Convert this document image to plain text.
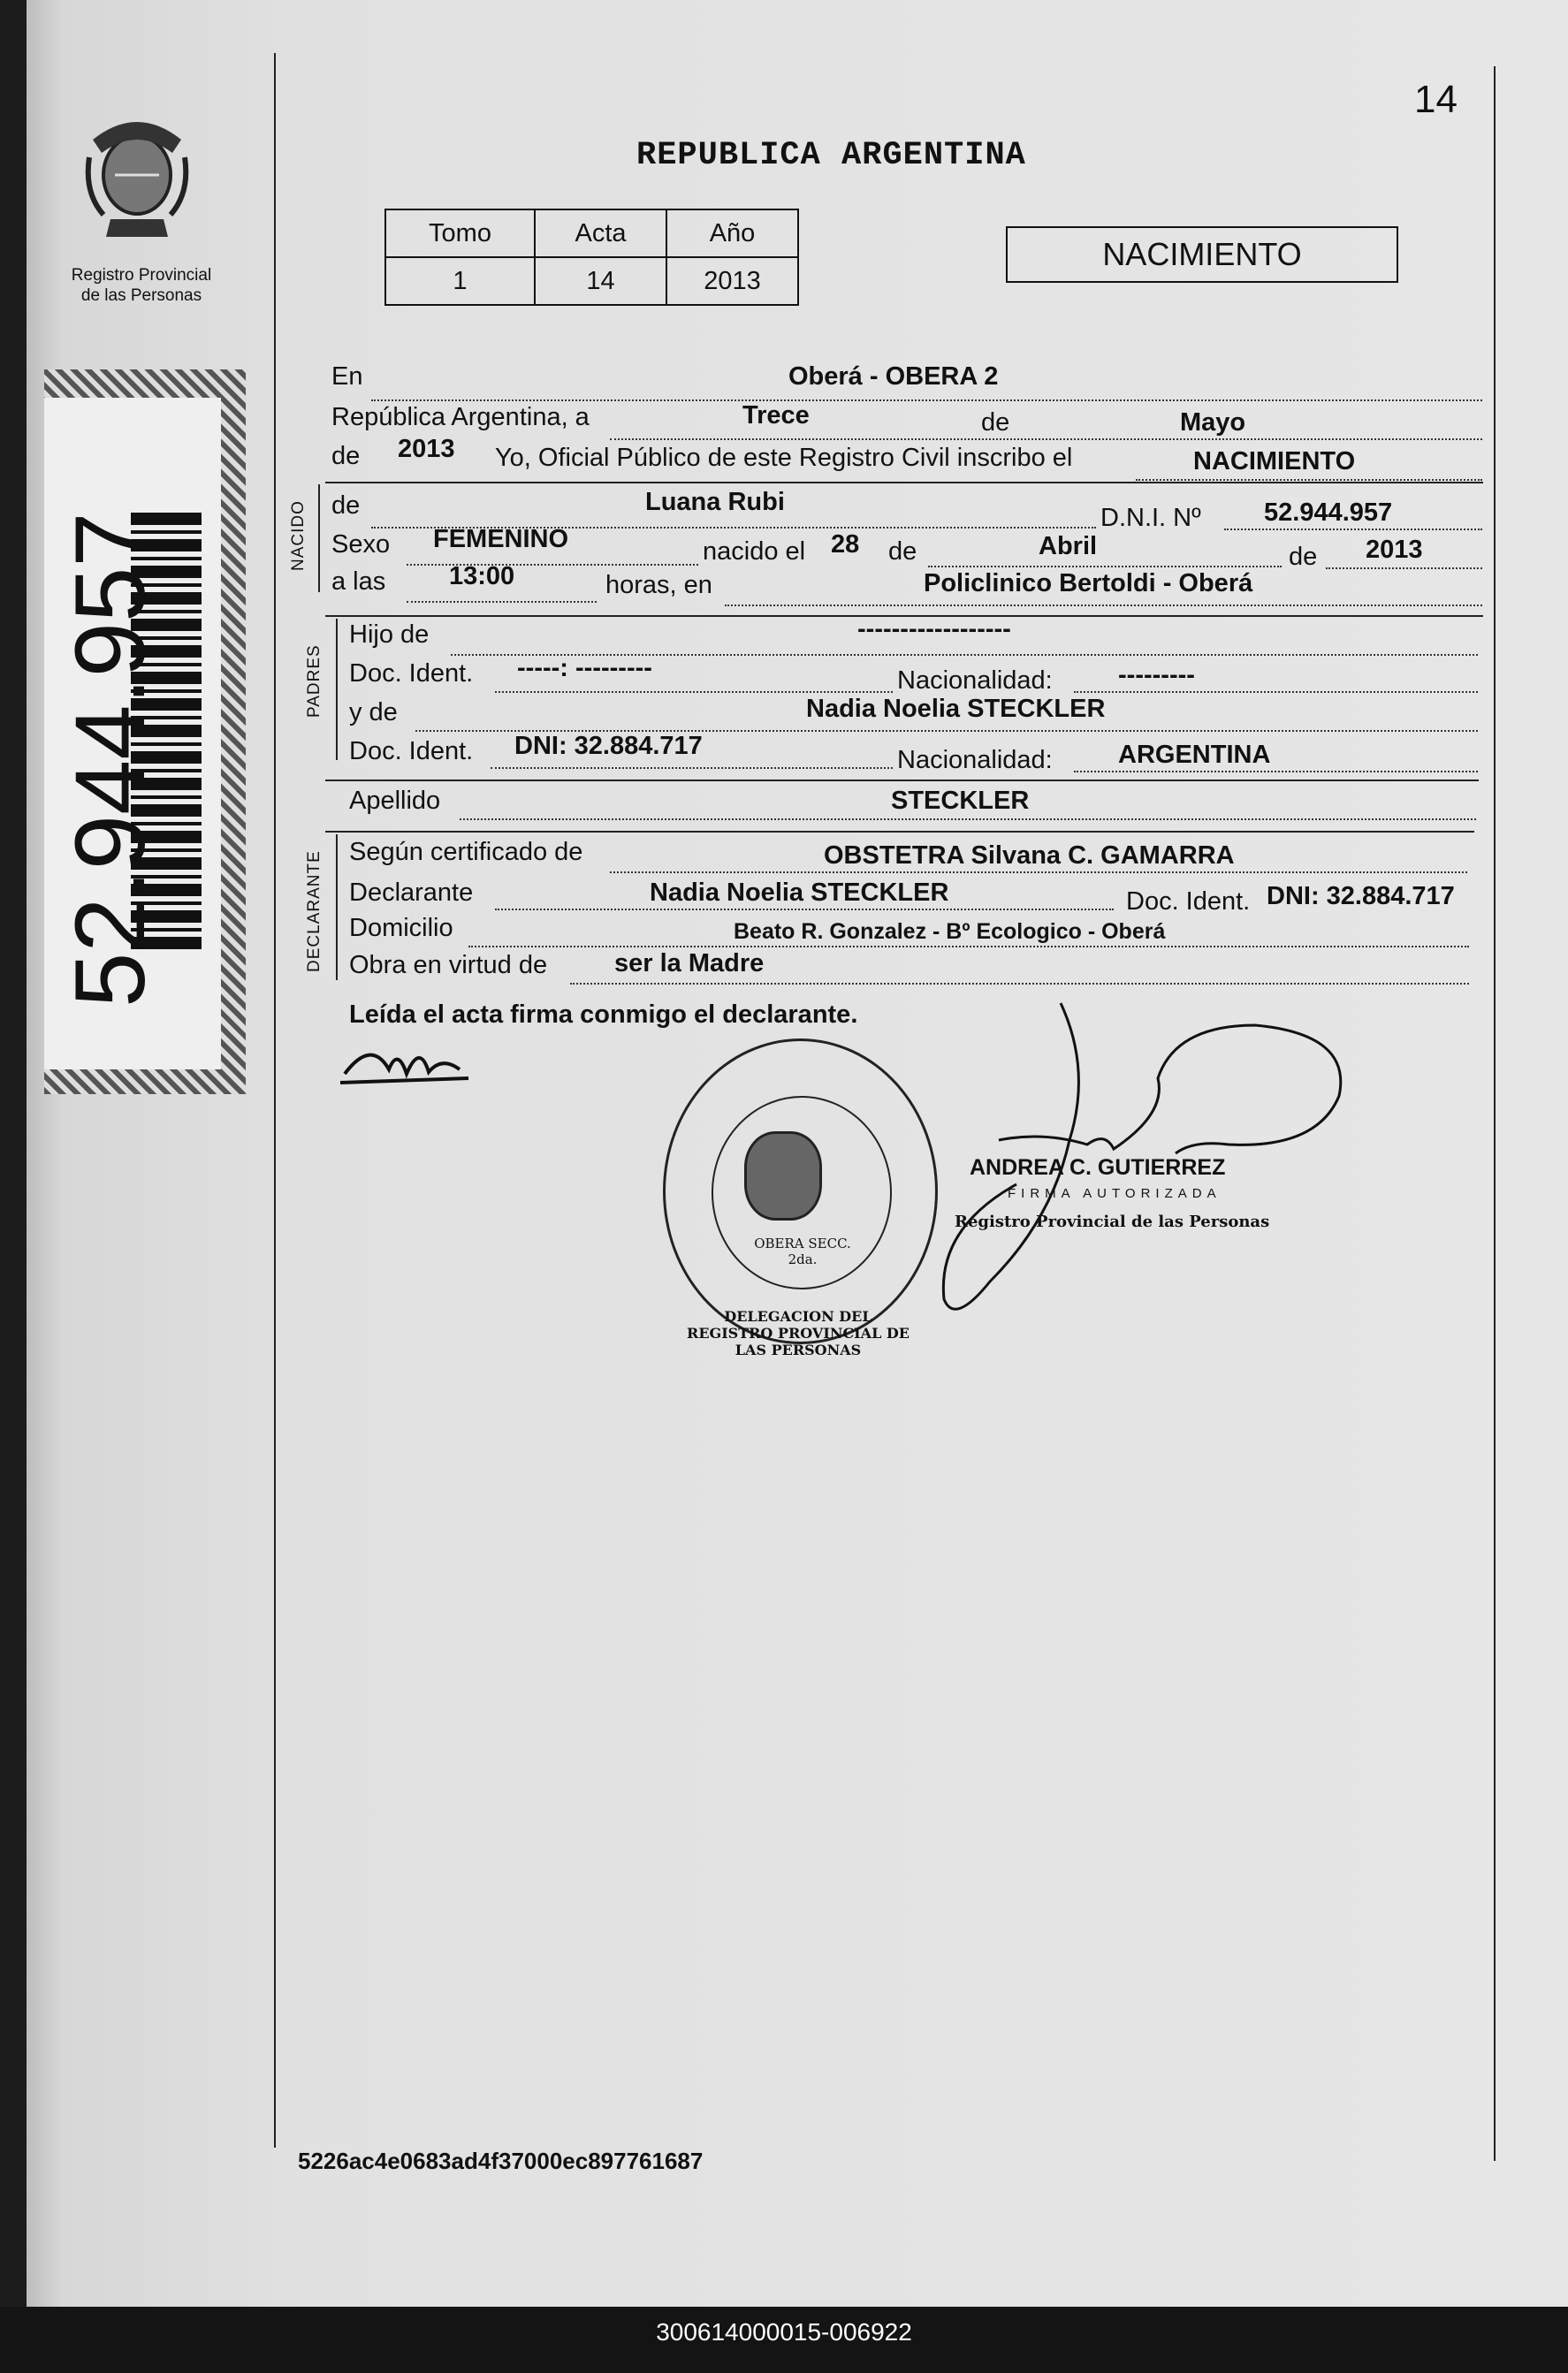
Registro Provincial
de las Personas
52.944.957
14
REPUBLICA ARGENTINA
Tomo	Acta	Año
1	14	2013
NACIMIENTO
En	Oberá - OBERA 2
República Argentina, a	Trece	de	Mayo
de 2013 Yo, Oficial Público de este Registro Civil inscribo el	NACIMIENTO
NACIDO de	Luana Rubi
D.N.I. Nº 52.944.957
Sexo FEMENINO	nacido el 28 de	Abril	de 2013
a las 13:00	horas, en	Policlinico Bertoldi - Oberá
PADRES
Hijo de	------------------
Doc. Ident. -----: ---------	Nacionalidad:	---------
y de	Nadia Noelia STECKLER
Doc. Ident. DNI: 32.884.717	Nacionalidad:	ARGENTINA
Apellido	STECKLER
DECLARANTE Según certificado de	OBSTETRA Silvana C. GAMARRA
Declarante	Nadia Noelia STECKLER	Doc. Ident. DNI: 32.884.717
Domicilio	Beato R. Gonzalez - Bº Ecologico - Oberá
Obra en virtud de	ser la Madre
Leída el acta firma conmigo el declarante.
DELEGACION DEL REGISTRO PROVINCIAL DE LAS PERSONAS
OBERA SECC. 2da.
ANDREA C. GUTIERREZ
FIRMA AUTORIZADA
Registro Provincial de las Personas
5226ac4e0683ad4f37000ec897761687
300614000015-006922
